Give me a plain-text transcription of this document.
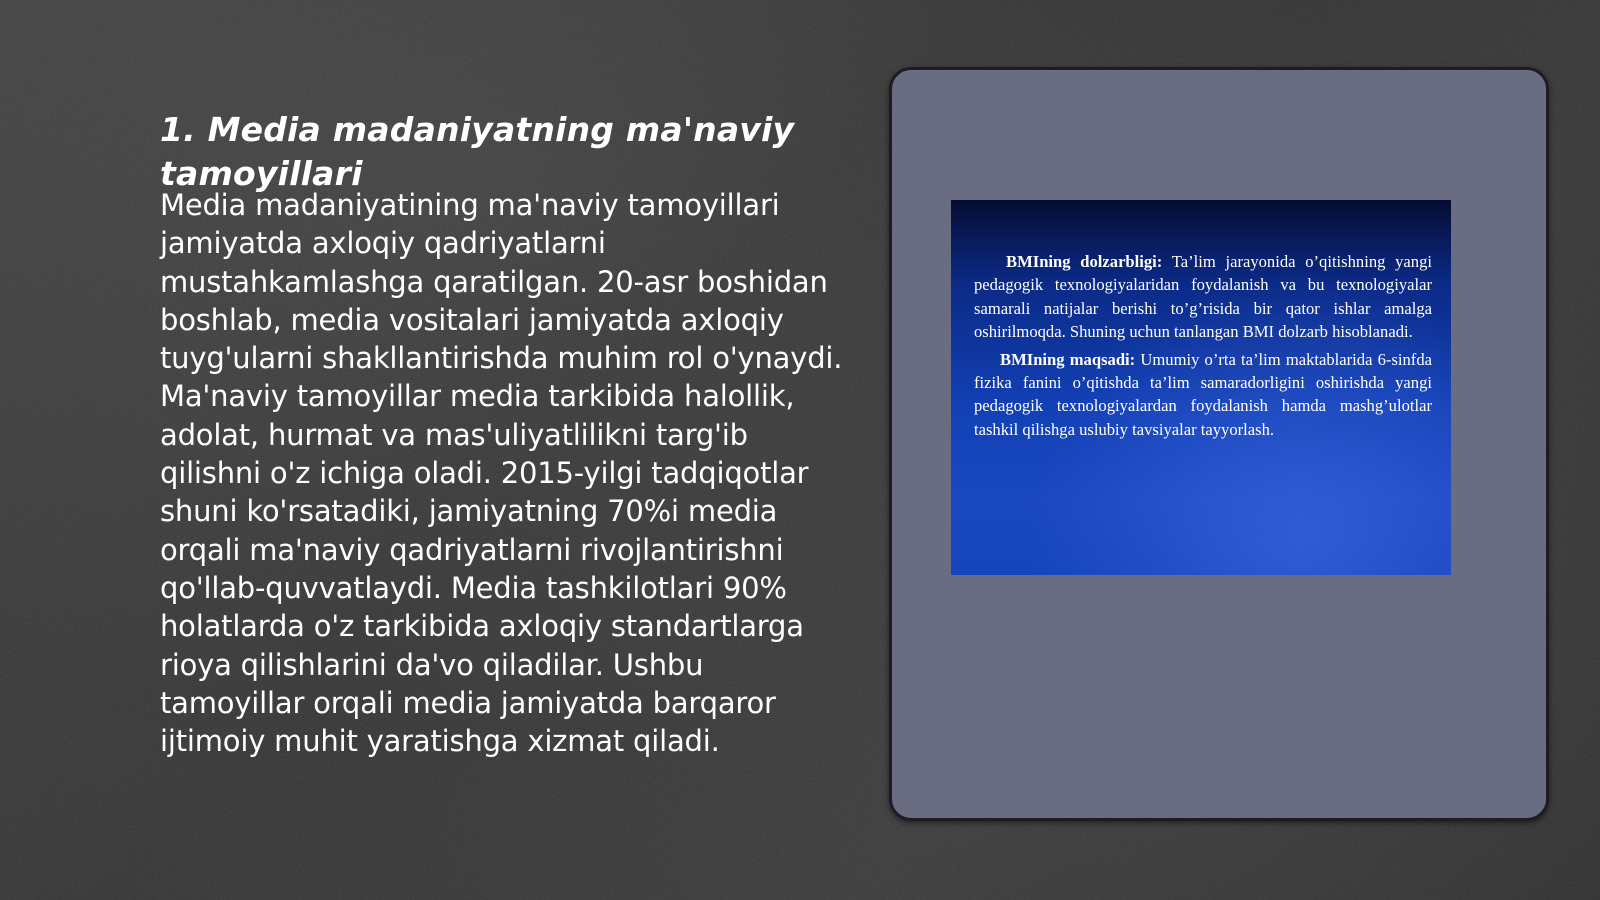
1. Media madaniyatning ma'naviy tamoyillari

Media madaniyatining ma'naviy tamoyillari jamiyatda axloqiy qadriyatlarni mustahkamlashga qaratilgan. 20-asr boshidan boshlab, media vositalari jamiyatda axloqiy tuyg'ularni shakllantirishda muhim rol o'ynaydi. Ma'naviy tamoyillar media tarkibida halollik, adolat, hurmat va mas'uliyatlilikni targ'ib qilishni o'z ichiga oladi. 2015-yilgi tadqiqotlar shuni ko'rsatadiki, jamiyatning 70%i media orqali ma'naviy qadriyatlarni rivojlantirishni qo'llab-quvvatlaydi. Media tashkilotlari 90% holatlarda o'z tarkibida axloqiy standartlarga rioya qilishlarini da'vo qiladilar. Ushbu tamoyillar orqali media jamiyatda barqaror ijtimoiy muhit yaratishga xizmat qiladi.

BMIning dolzarbligi: Ta’lim jarayonida o’qitishning yangi pedagogik texnologiyalaridan foydalanish va bu texnologiyalar samarali natijalar berishi to’g’risida bir qator ishlar amalga oshirilmoqda. Shuning uchun tanlangan BMI dolzarb hisoblanadi.

BMIning maqsadi: Umumiy o’rta ta’lim maktablarida 6-sinfda fizika fanini o’qitishda ta’lim samaradorligini oshirishda yangi pedagogik texnologiyalardan foydalanish hamda mashg’ulotlar tashkil qilishga uslubiy tavsiyalar tayyorlash.
